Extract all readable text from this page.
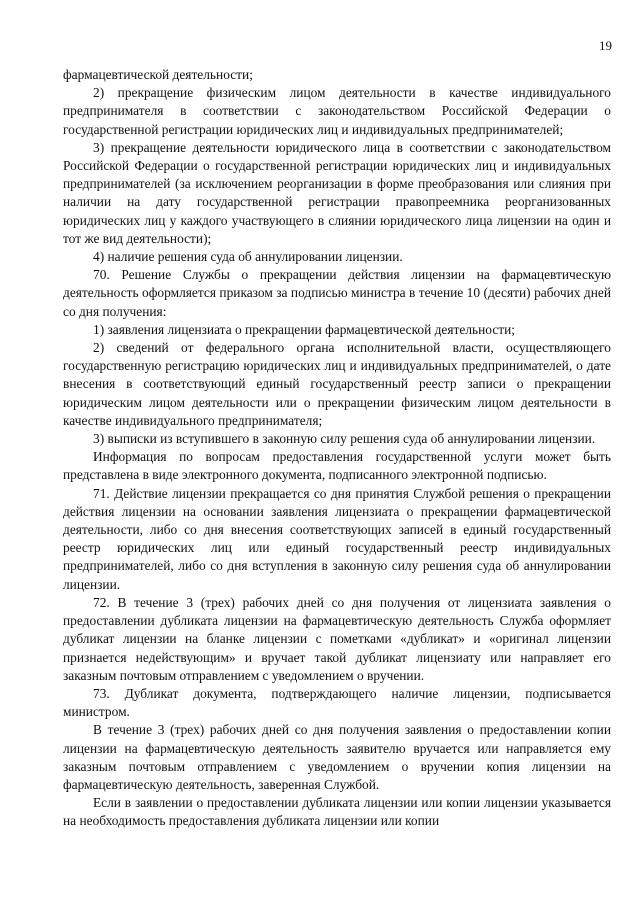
19

фармацевтической деятельности;

2) прекращение физическим лицом деятельности в качестве индивидуального предпринимателя в соответствии с законодательством Российской Федерации о государственной регистрации юридических лиц и индивидуальных предпринимателей;

3) прекращение деятельности юридического лица в соответствии с законодательством Российской Федерации о государственной регистрации юридических лиц и индивидуальных предпринимателей (за исключением реорганизации в форме преобразования или слияния при наличии на дату государственной регистрации правопреемника реорганизованных юридических лиц у каждого участвующего в слиянии юридического лица лицензии на один и тот же вид деятельности);

4) наличие решения суда об аннулировании лицензии.

70. Решение Службы о прекращении действия лицензии на фармацевтическую деятельность оформляется приказом за подписью министра в течение 10 (десяти) рабочих дней со дня получения:

1) заявления лицензиата о прекращении фармацевтической деятельности;

2) сведений от федерального органа исполнительной власти, осуществляющего государственную регистрацию юридических лиц и индивидуальных предпринимателей, о дате внесения в соответствующий единый государственный реестр записи о прекращении юридическим лицом деятельности или о прекращении физическим лицом деятельности в качестве индивидуального предпринимателя;

3) выписки из вступившего в законную силу решения суда об аннулировании лицензии.

Информация по вопросам предоставления государственной услуги может быть представлена в виде электронного документа, подписанного электронной подписью.

71. Действие лицензии прекращается со дня принятия Службой решения о прекращении действия лицензии на основании заявления лицензиата о прекращении фармацевтической деятельности, либо со дня внесения соответствующих записей в единый государственный реестр юридических лиц или единый государственный реестр индивидуальных предпринимателей, либо со дня вступления в законную силу решения суда об аннулировании лицензии.

72. В течение 3 (трех) рабочих дней со дня получения от лицензиата заявления о предоставлении дубликата лицензии на фармацевтическую деятельность Служба оформляет дубликат лицензии на бланке лицензии с пометками «дубликат» и «оригинал лицензии признается недействующим» и вручает такой дубликат лицензиату или направляет его заказным почтовым отправлением с уведомлением о вручении.

73. Дубликат документа, подтверждающего наличие лицензии, подписывается министром.

В течение 3 (трех) рабочих дней со дня получения заявления о предоставлении копии лицензии на фармацевтическую деятельность заявителю вручается или направляется ему заказным почтовым отправлением с уведомлением о вручении копия лицензии на фармацевтическую деятельность, заверенная Службой.

Если в заявлении о предоставлении дубликата лицензии или копии лицензии указывается на необходимость предоставления дубликата лицензии или копии
